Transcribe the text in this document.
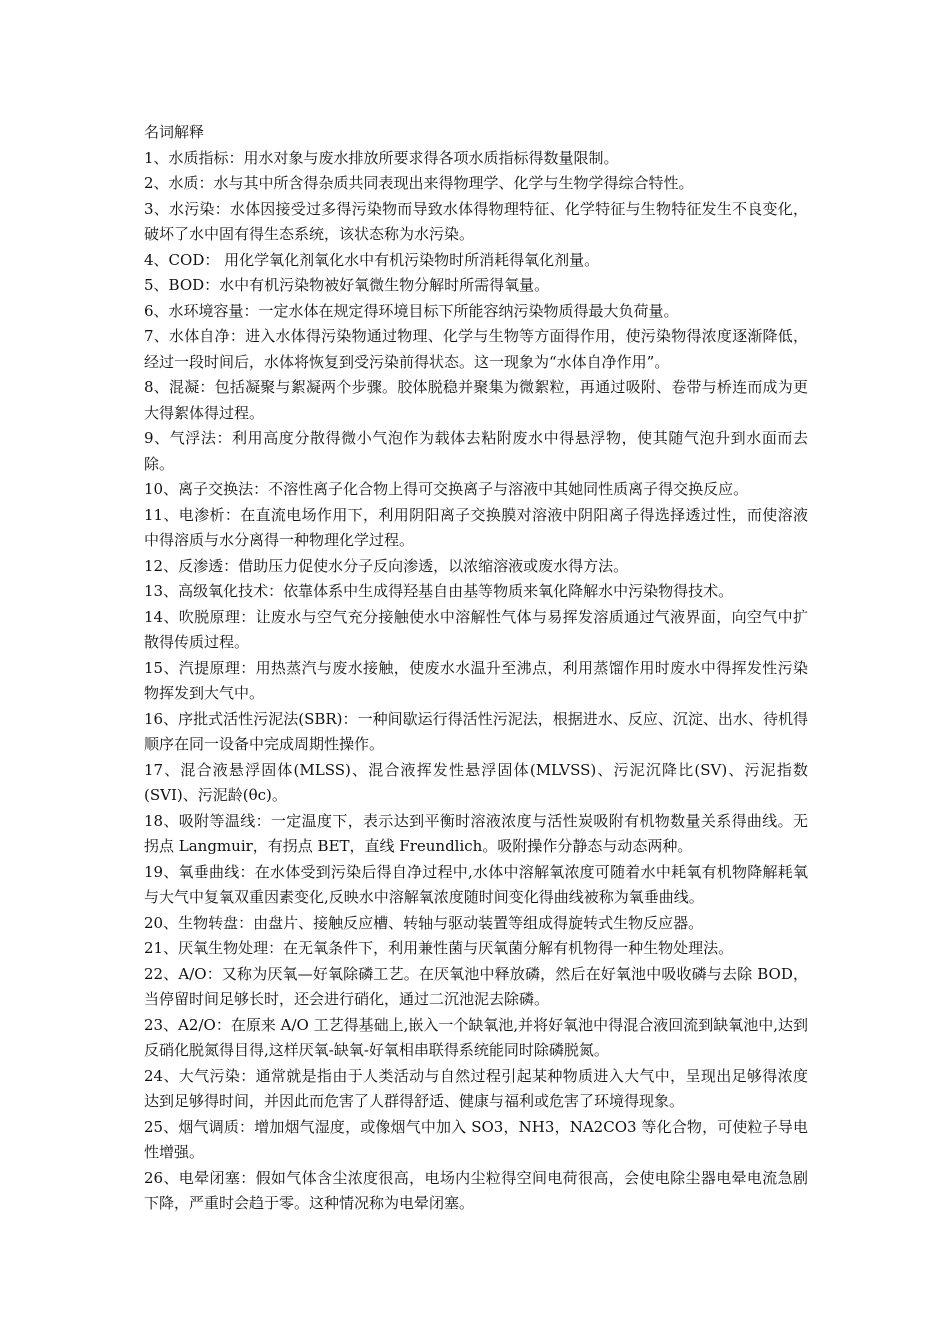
名词解释

1、水质指标：用水对象与废水排放所要求得各项水质指标得数量限制。

2、水质：水与其中所含得杂质共同表现出来得物理学、化学与生物学得综合特性。

3、水污染：水体因接受过多得污染物而导致水体得物理特征、化学特征与生物特征发生不良变化，破坏了水中固有得生态系统，该状态称为水污染。

4、COD： 用化学氧化剂氧化水中有机污染物时所消耗得氧化剂量。

5、BOD：水中有机污染物被好氧微生物分解时所需得氧量。

6、水环境容量：一定水体在规定得环境目标下所能容纳污染物质得最大负荷量。

7、水体自净：进入水体得污染物通过物理、化学与生物等方面得作用，使污染物得浓度逐渐降低，经过一段时间后，水体将恢复到受污染前得状态。这一现象为“水体自净作用”。

8、混凝：包括凝聚与絮凝两个步骤。胶体脱稳并聚集为微絮粒，再通过吸附、卷带与桥连而成为更大得絮体得过程。

9、气浮法：利用高度分散得微小气泡作为载体去粘附废水中得悬浮物，使其随气泡升到水面而去除。

10、离子交换法：不溶性离子化合物上得可交换离子与溶液中其她同性质离子得交换反应。

11、电渗析：在直流电场作用下，利用阴阳离子交换膜对溶液中阴阳离子得选择透过性，而使溶液中得溶质与水分离得一种物理化学过程。

12、反渗透：借助压力促使水分子反向渗透，以浓缩溶液或废水得方法。

13、高级氧化技术：依靠体系中生成得羟基自由基等物质来氧化降解水中污染物得技术。

14、吹脱原理：让废水与空气充分接触使水中溶解性气体与易挥发溶质通过气液界面，向空气中扩散得传质过程。

15、汽提原理：用热蒸汽与废水接触，使废水水温升至沸点，利用蒸馏作用时废水中得挥发性污染物挥发到大气中。

16、序批式活性污泥法(SBR)：一种间歇运行得活性污泥法，根据进水、反应、沉淀、出水、待机得顺序在同一设备中完成周期性操作。

17、混合液悬浮固体(MLSS)、混合液挥发性悬浮固体(MLVSS)、污泥沉降比(SV)、污泥指数 (SVI)、污泥龄(θc)。

18、吸附等温线：一定温度下，表示达到平衡时溶液浓度与活性炭吸附有机物数量关系得曲线。无拐点 Langmuir，有拐点 BET，直线 Freundlich。吸附操作分静态与动态两种。

19、氧垂曲线：在水体受到污染后得自净过程中,水体中溶解氧浓度可随着水中耗氧有机物降解耗氧与大气中复氧双重因素变化,反映水中溶解氧浓度随时间变化得曲线被称为氧垂曲线。

20、生物转盘：由盘片、接触反应槽、转轴与驱动装置等组成得旋转式生物反应器。

21、厌氧生物处理：在无氧条件下，利用兼性菌与厌氧菌分解有机物得一种生物处理法。

22、A/O：又称为厌氧—好氧除磷工艺。在厌氧池中释放磷，然后在好氧池中吸收磷与去除 BOD，当停留时间足够长时，还会进行硝化，通过二沉池泥去除磷。

23、A2/O：在原来 A/O 工艺得基础上,嵌入一个缺氧池,并将好氧池中得混合液回流到缺氧池中,达到反硝化脱氮得目得,这样厌氧-缺氧-好氧相串联得系统能同时除磷脱氮。

24、大气污染：通常就是指由于人类活动与自然过程引起某种物质进入大气中，呈现出足够得浓度达到足够得时间，并因此而危害了人群得舒适、健康与福利或危害了环境得现象。

25、烟气调质：增加烟气湿度，或像烟气中加入 SO3，NH3，NA2CO3 等化合物，可使粒子导电性增强。

26、电晕闭塞：假如气体含尘浓度很高，电场内尘粒得空间电荷很高，会使电除尘器电晕电流急剧下降，严重时会趋于零。这种情况称为电晕闭塞。
